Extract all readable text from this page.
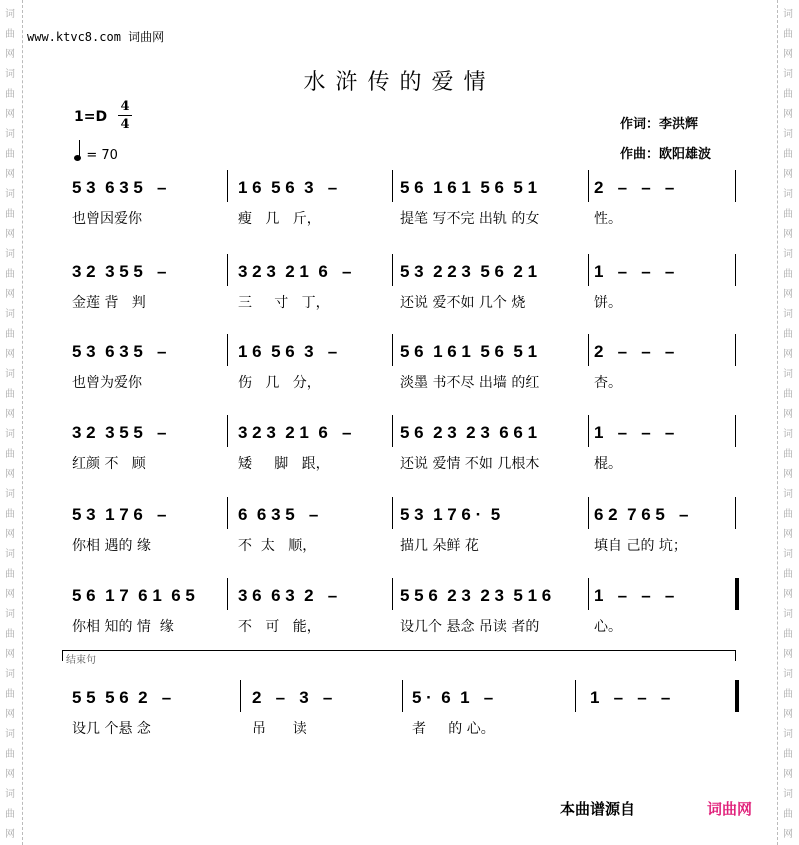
词
曲
网
词
曲
网
词
曲
网
词
曲
网
词
曲
网
词
曲
网
词
曲
网
词
曲
网
词
曲
网
词
曲
网
词
曲
网
词
曲
网
词
曲
网
词
曲
网
词
曲
网
词
曲
网
词
曲
网
词
曲
网
词
曲
网
词
曲
网
词
曲
网
词
曲
网
词
曲
网
词
曲
网
词
曲
网
词
曲
网
词
曲
网
词
曲
网
www.ktvc8.com 词曲网
水浒传的爱情
1=D
4
4
= 70
作词：李洪辉
作曲：欧阳雄波
5 3  6 3 5   –
也曾因爱你
1 6  5 6  3   –
瘦   几   斤，
5 6  1 6 1  5 6  5 1
提笔 写不完 出轨 的女
2   –   –   –
性。
3 2  3 5 5   –
金莲 背   判
3 2 3  2 1  6   –
三     寸   丁，
5 3  2 2 3  5 6  2 1
还说 爱不如 几个 烧
1   –   –   –
饼。
5 3  6 3 5   –
也曾为爱你
1 6  5 6  3   –
伤   几   分，
5 6  1 6 1  5 6  5 1
淡墨 书不尽 出墙 的红
2   –   –   –
杏。
3 2  3 5 5   –
红颜 不   顾
3 2 3  2 1  6   –
矮     脚   跟，
5 6  2 3  2 3  6 6 1
还说 爱情 不如 几根木
1   –   –   –
棍。
5 3  1 7 6   –
你相 遇的 缘
6  6 3 5   –
不  太   顺，
5 3  1 7 6 ·  5
描几 朵鲜 花
6 2  7 6 5   –
填自 己的 坑；
5 6  1 7  6 1  6 5
你相 知的 情  缘
3 6  6 3  2   –
不   可   能，
5 5 6  2 3  2 3  5 1 6
设几个 悬念 吊读 者的
1   –   –   –
心。
5 5  5 6  2   –
设几 个悬 念
2   –   3   –
吊      读
5 ·  6  1   –
者     的 心。
1   –   –   –
结束句
本曲谱源自	词曲网
